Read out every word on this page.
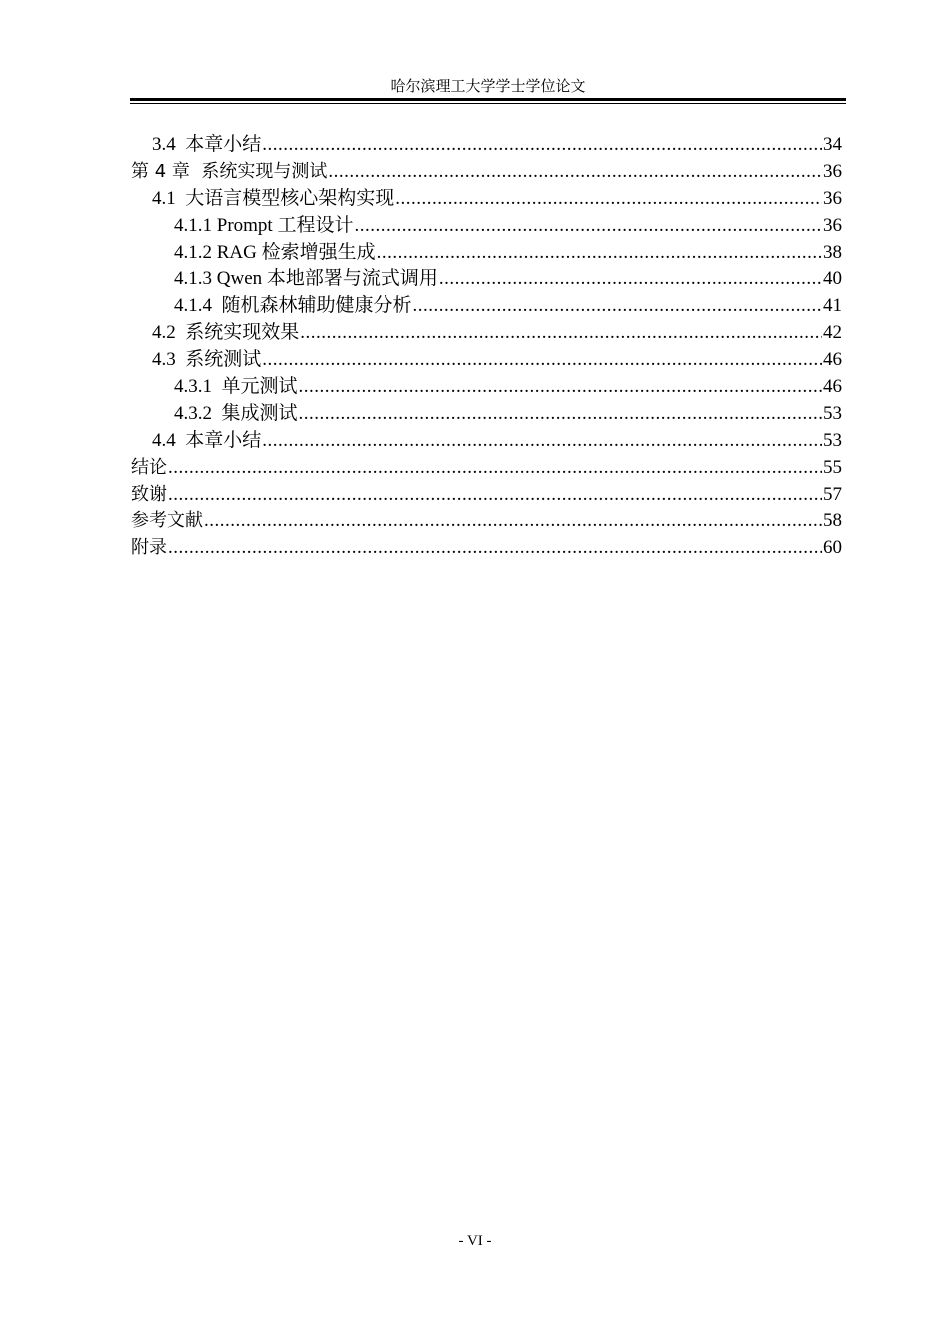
哈尔滨理工大学学士学位论文
3.4 本章小结 .....	34
第 4 章 系统实现与测试 .....	36
4.1 大语言模型核心架构实现 .....	36
4.1.1 Prompt 工程设计 .....	36
4.1.2 RAG 检索增强生成 .....	38
4.1.3 Qwen 本地部署与流式调用 .....	40
4.1.4 随机森林辅助健康分析 .....	41
4.2 系统实现效果 .....	42
4.3 系统测试 .....	46
4.3.1 单元测试 .....	46
4.3.2 集成测试 .....	53
4.4 本章小结 .....	53
结论 .....	55
致谢 .....	57
参考文献 .....	58
附录 .....	60
- VI -
